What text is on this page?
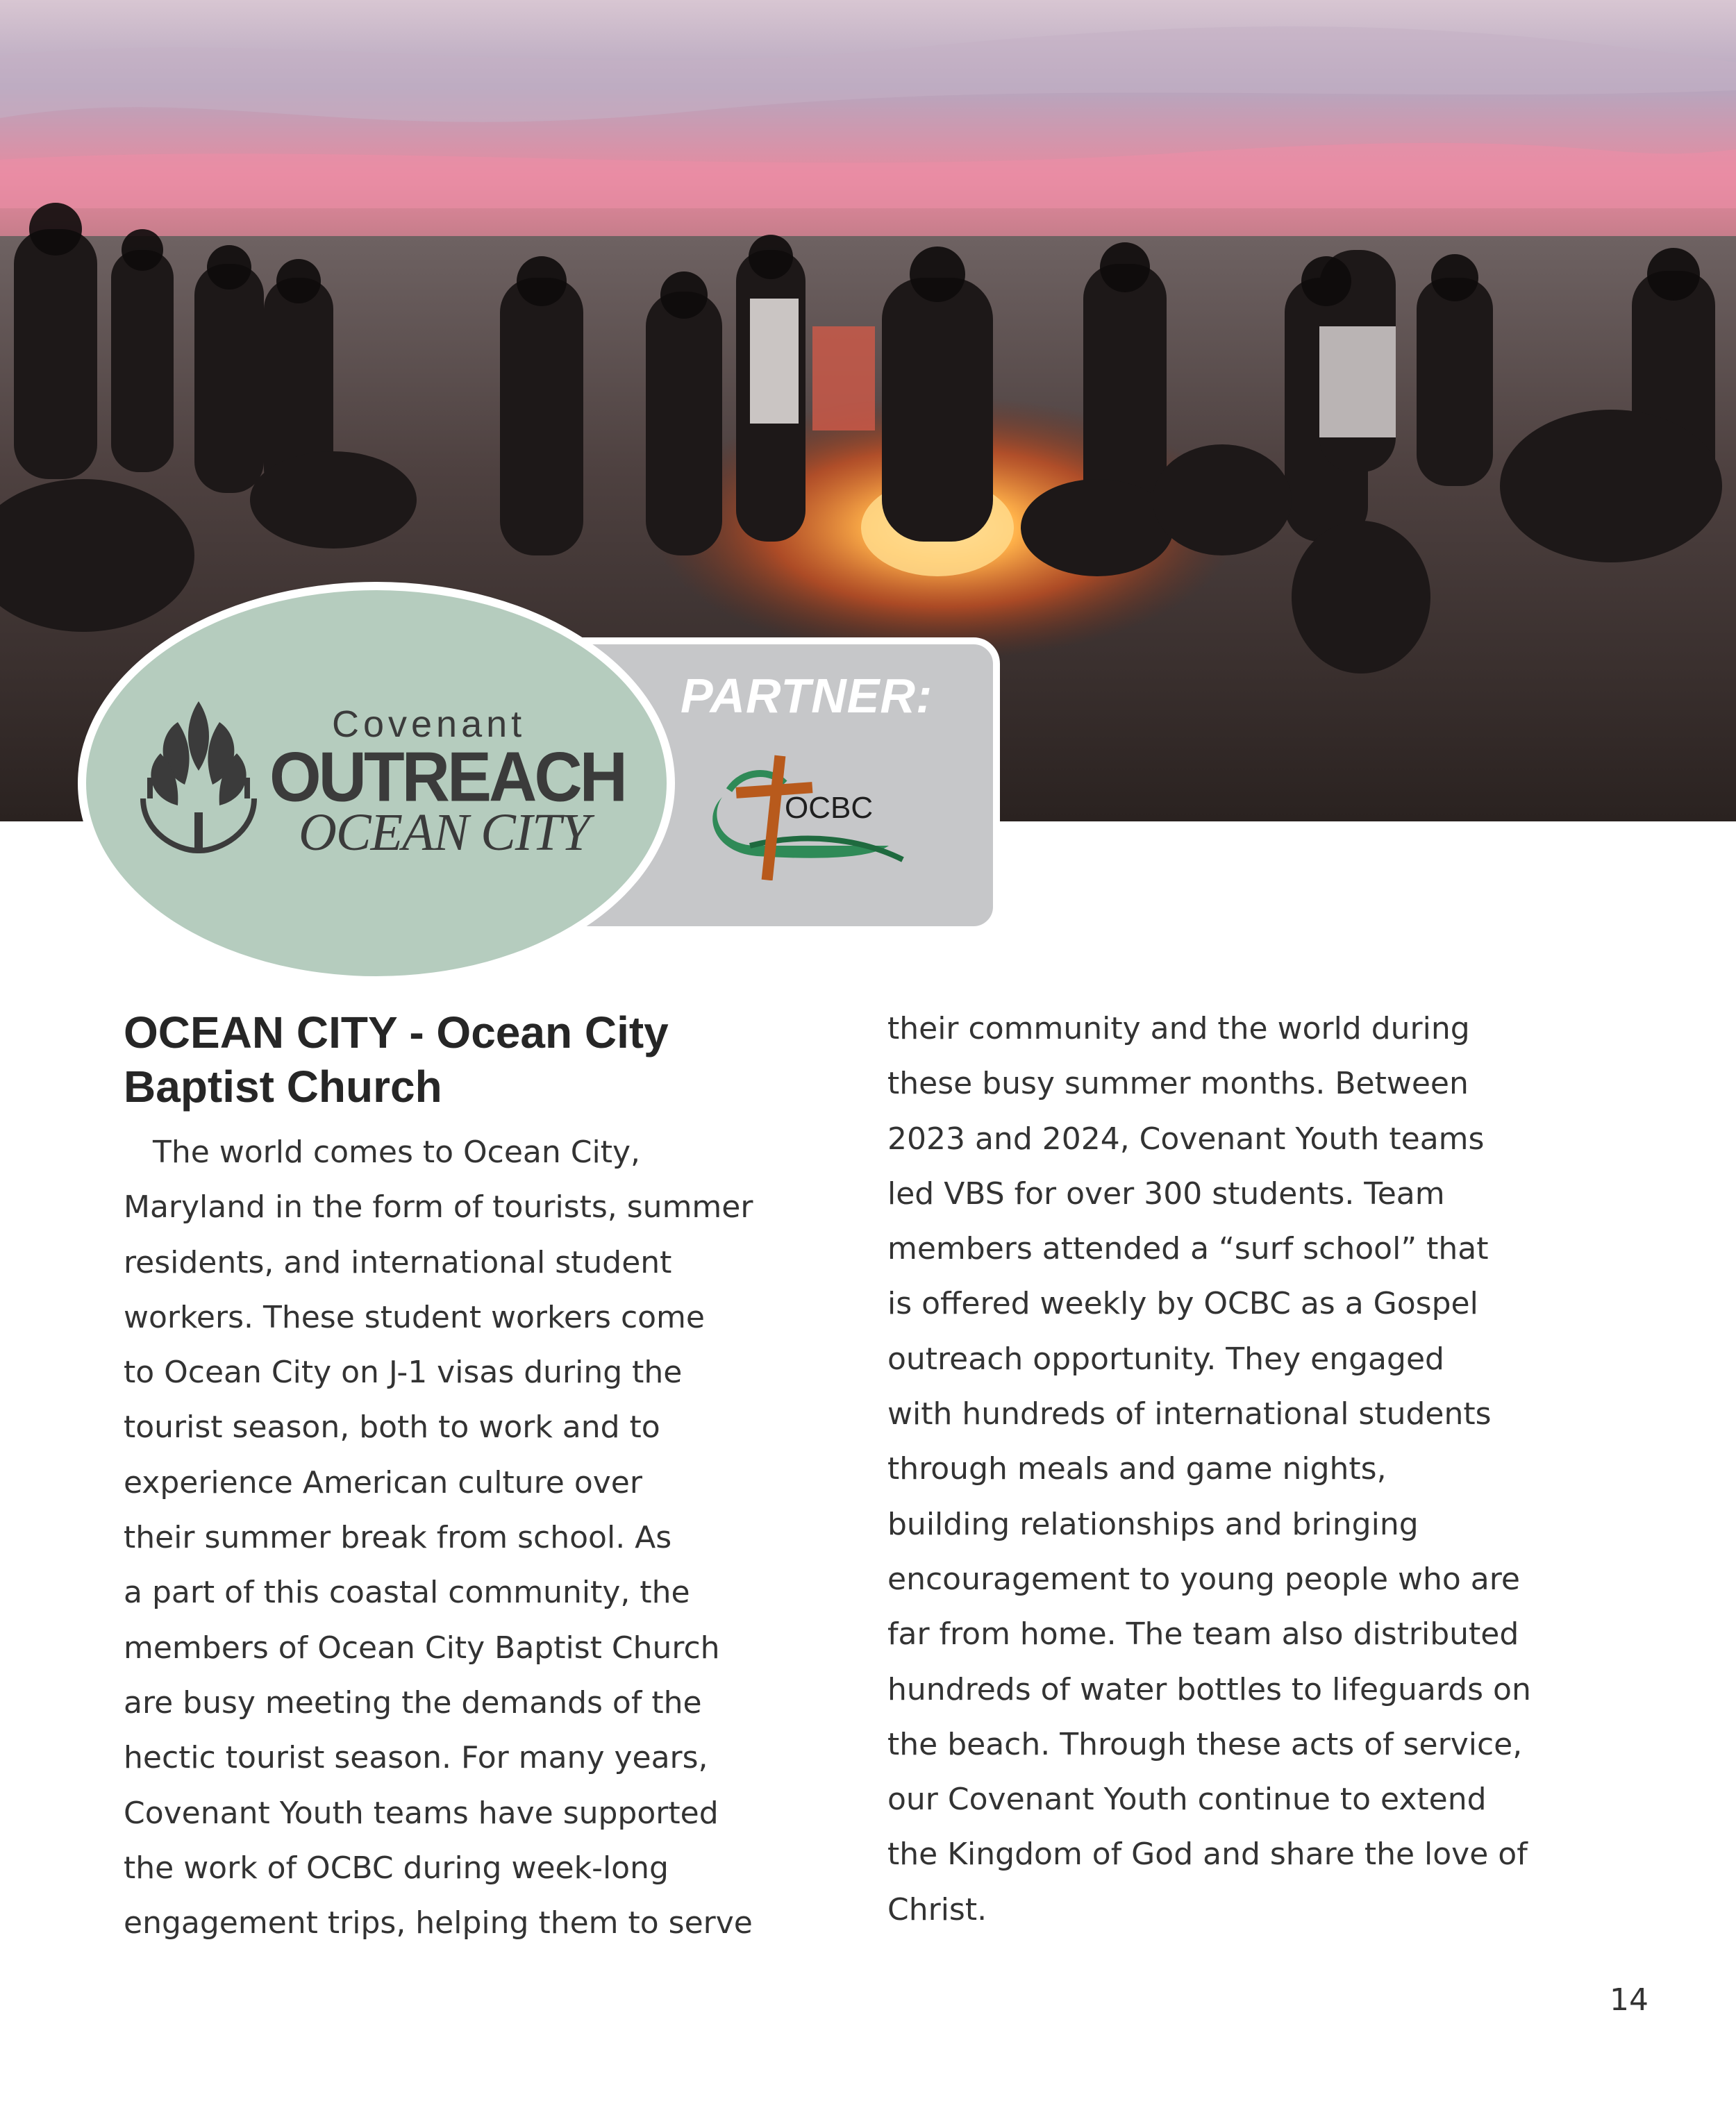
PARTNER:
OCBC
Covenant
OUTREACH
OCEAN CITY
OCEAN CITY - Ocean City
Baptist Church
The world comes to Ocean City,
Maryland in the form of tourists, summer
residents, and international student
workers. These student workers come
to Ocean City on J-1 visas during the
tourist season, both to work and to
experience American culture over
their summer break from school. As
a part of this coastal community, the
members of Ocean City Baptist Church
are busy meeting the demands of the
hectic tourist season. For many years,
Covenant Youth teams have supported
the work of OCBC during week-long
engagement trips, helping them to serve
their community and the world during
these busy summer months. Between
2023 and 2024, Covenant Youth teams
led VBS for over 300 students. Team
members attended a “surf school” that
is offered weekly by OCBC as a Gospel
outreach opportunity. They engaged
with hundreds of international students
through meals and game nights,
building relationships and bringing
encouragement to young people who are
far from home. The team also distributed
hundreds of water bottles to lifeguards on
the beach. Through these acts of service,
our Covenant Youth continue to extend
the Kingdom of God and share the love of
Christ.
14
